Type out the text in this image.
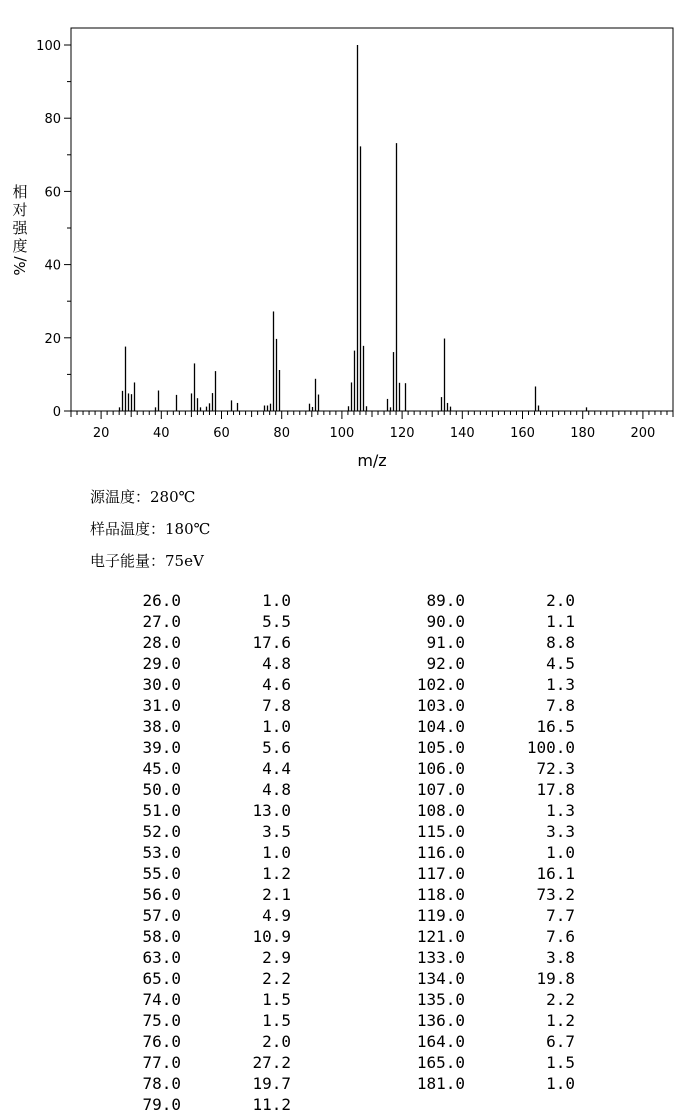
0
20
40
60
80
100
20	40	60	80	100	120	140	160	180	200
m/z
相
对
强
度
%/
源温度：280℃
样品温度：180℃
电子能量：75eV
26.0	1.0
27.0	5.5
28.0	17.6
29.0	4.8
30.0	4.6
31.0	7.8
38.0	1.0
39.0	5.6
45.0	4.4
50.0	4.8
51.0	13.0
52.0	3.5
53.0	1.0
55.0	1.2
56.0	2.1
57.0	4.9
58.0	10.9
63.0	2.9
65.0	2.2
74.0	1.5
75.0	1.5
76.0	2.0
77.0	27.2
78.0	19.7
79.0	11.2
89.0	2.0
90.0	1.1
91.0	8.8
92.0	4.5
102.0	1.3
103.0	7.8
104.0	16.5
105.0	100.0
106.0	72.3
107.0	17.8
108.0	1.3
115.0	3.3
116.0	1.0
117.0	16.1
118.0	73.2
119.0	7.7
121.0	7.6
133.0	3.8
134.0	19.8
135.0	2.2
136.0	1.2
164.0	6.7
165.0	1.5
181.0	1.0
